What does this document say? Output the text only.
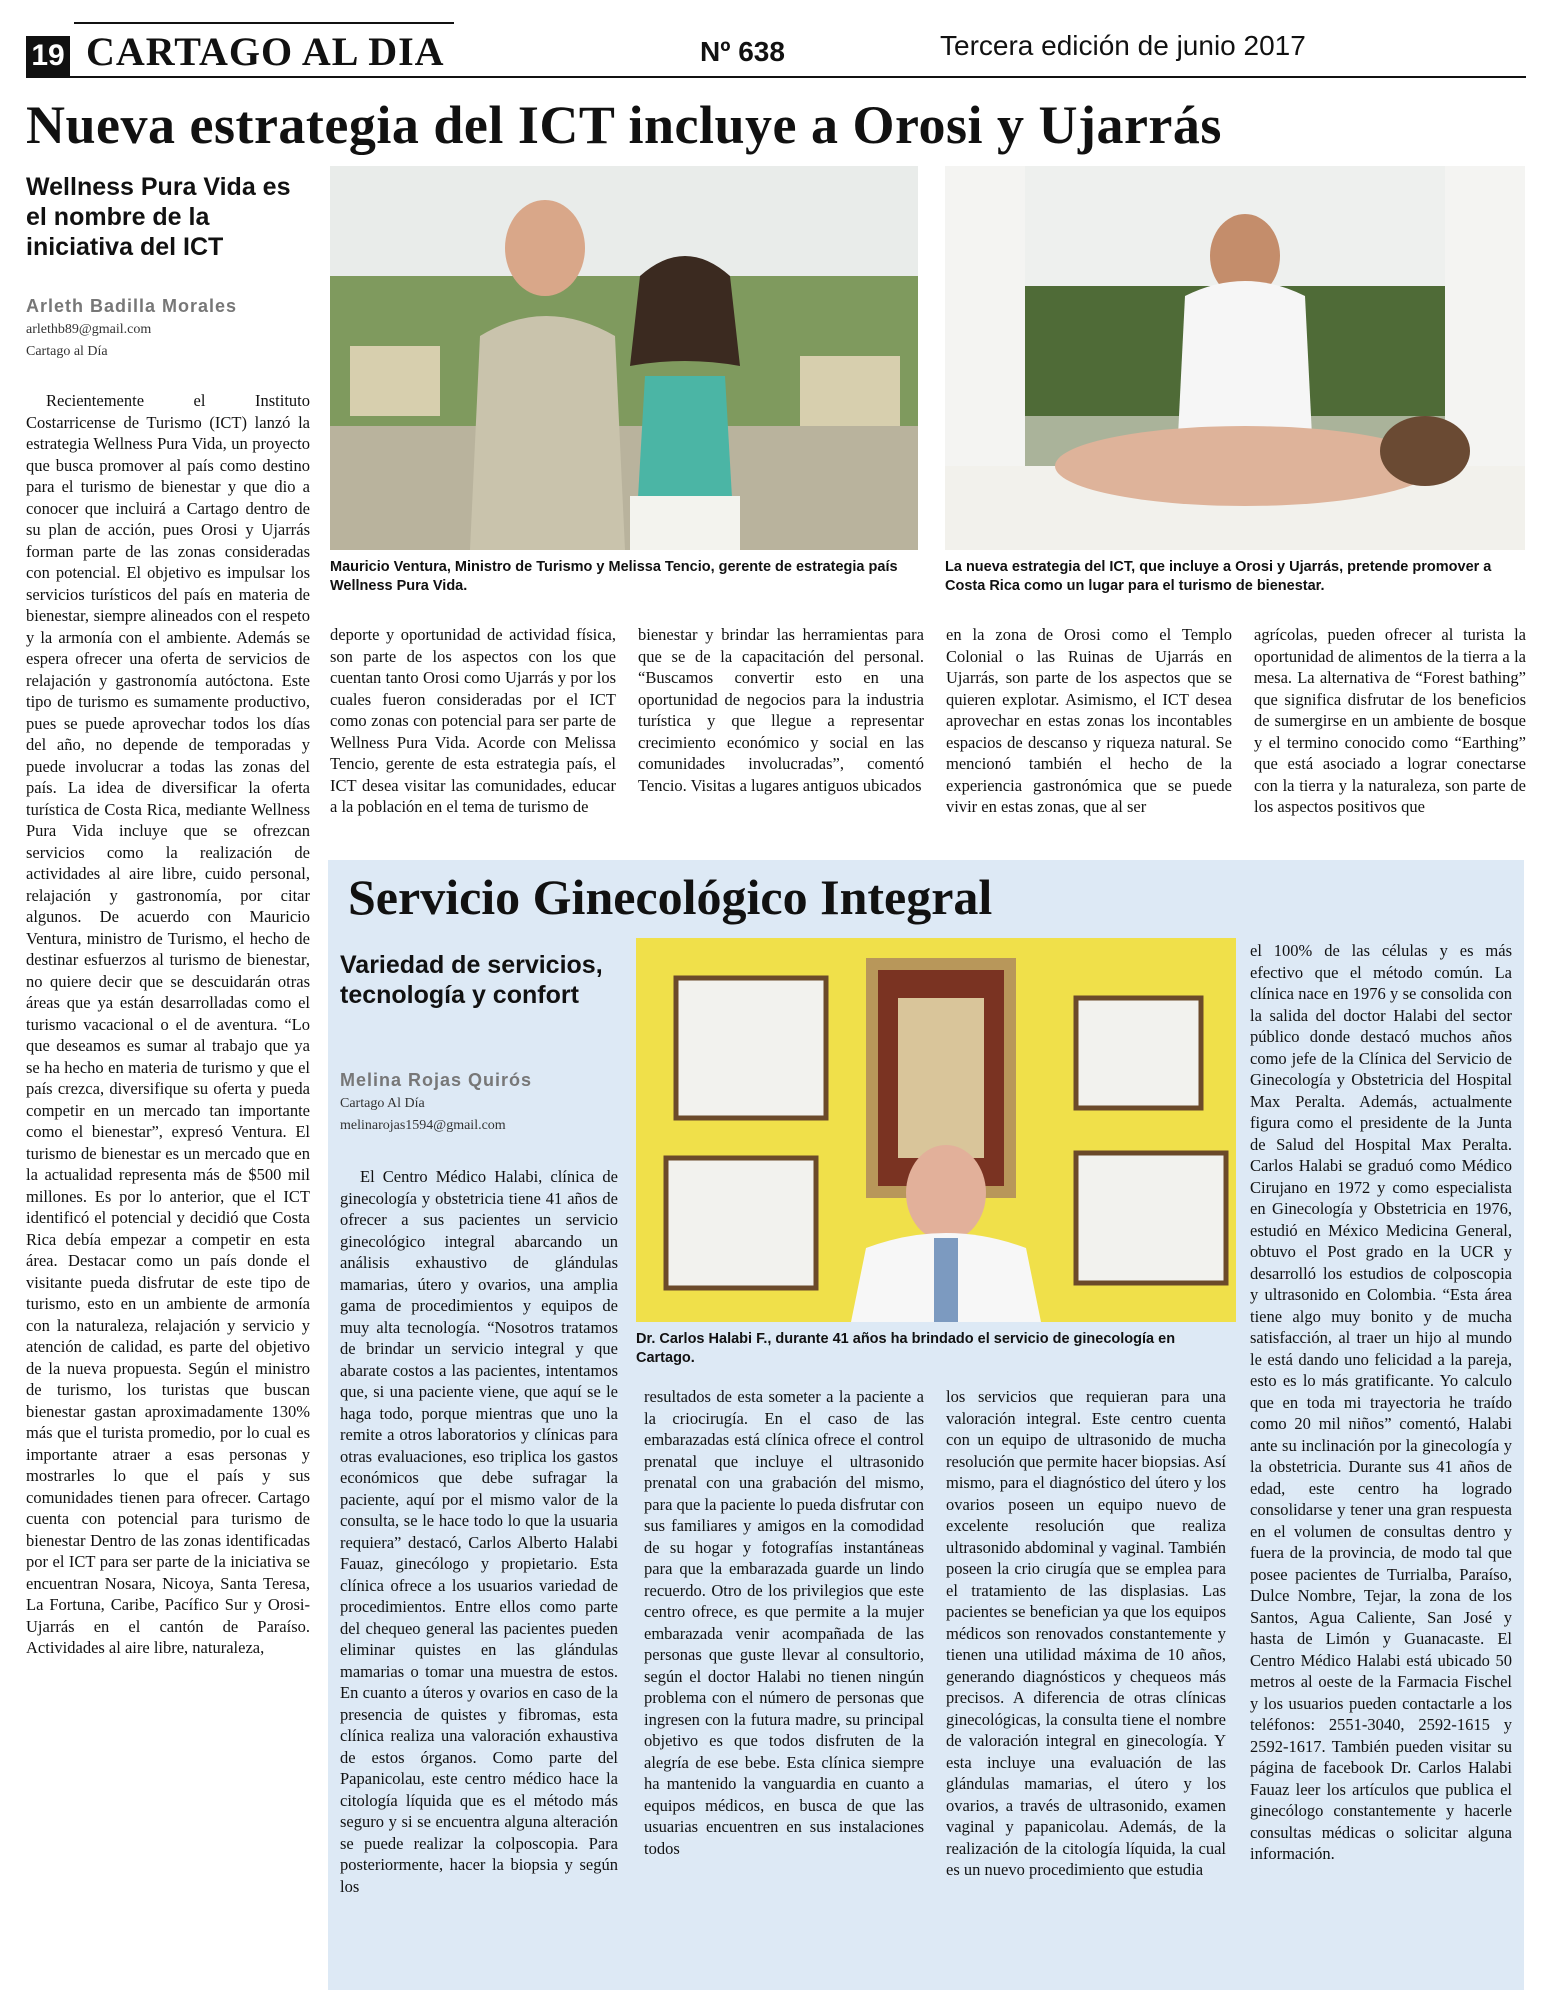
19 CARTAGO AL DIA	Nº 638	Tercera edición de junio 2017
Nueva estrategia del ICT incluye a Orosi y Ujarrás
Wellness Pura Vida es el nombre de la iniciativa del ICT
Arleth Badilla Morales
arlethb89@gmail.com
Cartago al Día
Mauricio Ventura, Ministro de Turismo y Melissa Tencio, gerente de estrategia país Wellness Pura Vida.
La nueva estrategia del ICT, que incluye a Orosi y Ujarrás, pretende promover a Costa Rica como un lugar para el turismo de bienestar.

Recientemente el Instituto Costarricense de Turismo (ICT) lanzó la estrategia Wellness Pura Vida, un proyecto que busca promover al país como destino para el turismo de bienestar y que dio a conocer que incluirá a Cartago dentro de su plan de acción, pues Orosi y Ujarrás forman parte de las zonas consideradas con potencial. El objetivo es impulsar los servicios turísticos del país en materia de bienestar, siempre alineados con el respeto y la armonía con el ambiente. Además se espera ofrecer una oferta de servicios de relajación y gastronomía autóctona. Este tipo de turismo es sumamente productivo, pues se puede aprovechar todos los días del año, no depende de temporadas y puede involucrar a todas las zonas del país. La idea de diversificar la oferta turística de Costa Rica, mediante Wellness Pura Vida incluye que se ofrezcan servicios como la realización de actividades al aire libre, cuido personal, relajación y gastronomía, por citar algunos. De acuerdo con Mauricio Ventura, ministro de Turismo, el hecho de destinar esfuerzos al turismo de bienestar, no quiere decir que se descuidarán otras áreas que ya están desarrolladas como el turismo vacacional o el de aventura. “Lo que deseamos es sumar al trabajo que ya se ha hecho en materia de turismo y que el país crezca, diversifique su oferta y pueda competir en un mercado tan importante como el bienestar”, expresó Ventura. El turismo de bienestar es un mercado que en la actualidad representa más de $500 mil millones. Es por lo anterior, que el ICT identificó el potencial y decidió que Costa Rica debía empezar a competir en esta área. Destacar como un país donde el visitante pueda disfrutar de este tipo de turismo, esto en un ambiente de armonía con la naturaleza, relajación y servicio y atención de calidad, es parte del objetivo de la nueva propuesta. Según el ministro de turismo, los turistas que buscan bienestar gastan aproximadamente 130% más que el turista promedio, por lo cual es importante atraer a esas personas y mostrarles lo que el país y sus comunidades tienen para ofrecer. Cartago cuenta con potencial para turismo de bienestar Dentro de las zonas identificadas por el ICT para ser parte de la iniciativa se encuentran Nosara, Nicoya, Santa Teresa, La Fortuna, Caribe, Pacífico Sur y Orosi-Ujarrás en el cantón de Paraíso. Actividades al aire libre, naturaleza,

deporte y oportunidad de actividad física, son parte de los aspectos con los que cuentan tanto Orosi como Ujarrás y por los cuales fueron consideradas por el ICT como zonas con potencial para ser parte de Wellness Pura Vida. Acorde con Melissa Tencio, gerente de esta estrategia país, el ICT desea visitar las comunidades, educar a la población en el tema de turismo de

bienestar y brindar las herramientas para que se de la capacitación del personal. “Buscamos convertir esto en una oportunidad de negocios para la industria turística y que llegue a representar crecimiento económico y social en las comunidades involucradas”, comentó Tencio. Visitas a lugares antiguos ubicados

en la zona de Orosi como el Templo Colonial o las Ruinas de Ujarrás en Ujarrás, son parte de los aspectos que se quieren explotar. Asimismo, el ICT desea aprovechar en estas zonas los incontables espacios de descanso y riqueza natural. Se mencionó también el hecho de la experiencia gastronómica que se puede vivir en estas zonas, que al ser

agrícolas, pueden ofrecer al turista la oportunidad de alimentos de la tierra a la mesa. La alternativa de “Forest bathing” que significa disfrutar de los beneficios de sumergirse en un ambiente de bosque y el termino conocido como “Earthing” que está asociado a lograr conectarse con la tierra y la naturaleza, son parte de los aspectos positivos que

Servicio Ginecológico Integral
Variedad de servicios, tecnología y confort
Melina Rojas Quirós
Cartago Al Día
melinarojas1594@gmail.com
Dr. Carlos Halabi F., durante 41 años ha brindado el servicio de ginecología en Cartago.

El Centro Médico Halabi, clínica de ginecología y obstetricia tiene 41 años de ofrecer a sus pacientes un servicio ginecológico integral abarcando un análisis exhaustivo de glándulas mamarias, útero y ovarios, una amplia gama de procedimientos y equipos de muy alta tecnología. “Nosotros tratamos de brindar un servicio integral y que abarate costos a las pacientes, intentamos que, si una paciente viene, que aquí se le haga todo, porque mientras que uno la remite a otros laboratorios y clínicas para otras evaluaciones, eso triplica los gastos económicos que debe sufragar la paciente, aquí por el mismo valor de la consulta, se le hace todo lo que la usuaria requiera” destacó, Carlos Alberto Halabi Fauaz, ginecólogo y propietario. Esta clínica ofrece a los usuarios variedad de procedimientos. Entre ellos como parte del chequeo general las pacientes pueden eliminar quistes en las glándulas mamarias o tomar una muestra de estos. En cuanto a úteros y ovarios en caso de la presencia de quistes y fibromas, esta clínica realiza una valoración exhaustiva de estos órganos. Como parte del Papanicolau, este centro médico hace la citología líquida que es el método más seguro y si se encuentra alguna alteración se puede realizar la colposcopia. Para posteriormente, hacer la biopsia y según los

resultados de esta someter a la paciente a la criocirugía. En el caso de las embarazadas está clínica ofrece el control prenatal que incluye el ultrasonido prenatal con una grabación del mismo, para que la paciente lo pueda disfrutar con sus familiares y amigos en la comodidad de su hogar y fotografías instantáneas para que la embarazada guarde un lindo recuerdo. Otro de los privilegios que este centro ofrece, es que permite a la mujer embarazada venir acompañada de las personas que guste llevar al consultorio, según el doctor Halabi no tienen ningún problema con el número de personas que ingresen con la futura madre, su principal objetivo es que todos disfruten de la alegría de ese bebe. Esta clínica siempre ha mantenido la vanguardia en cuanto a equipos médicos, en busca de que las usuarias encuentren en sus instalaciones todos

los servicios que requieran para una valoración integral. Este centro cuenta con un equipo de ultrasonido de mucha resolución que permite hacer biopsias. Así mismo, para el diagnóstico del útero y los ovarios poseen un equipo nuevo de excelente resolución que realiza ultrasonido abdominal y vaginal. También poseen la crio cirugía que se emplea para el tratamiento de las displasias. Las pacientes se benefician ya que los equipos médicos son renovados constantemente y tienen una utilidad máxima de 10 años, generando diagnósticos y chequeos más precisos. A diferencia de otras clínicas ginecológicas, la consulta tiene el nombre de valoración integral en ginecología. Y esta incluye una evaluación de las glándulas mamarias, el útero y los ovarios, a través de ultrasonido, examen vaginal y papanicolau. Además, de la realización de la citología líquida, la cual es un nuevo procedimiento que estudia

el 100% de las células y es más efectivo que el método común. La clínica nace en 1976 y se consolida con la salida del doctor Halabi del sector público donde destacó muchos años como jefe de la Clínica del Servicio de Ginecología y Obstetricia del Hospital Max Peralta. Además, actualmente figura como el presidente de la Junta de Salud del Hospital Max Peralta. Carlos Halabi se graduó como Médico Cirujano en 1972 y como especialista en Ginecología y Obstetricia en 1976, estudió en México Medicina General, obtuvo el Post grado en la UCR y desarrolló los estudios de colposcopia y ultrasonido en Colombia. “Esta área tiene algo muy bonito y de mucha satisfacción, al traer un hijo al mundo le está dando uno felicidad a la pareja, esto es lo más gratificante. Yo calculo que en toda mi trayectoria he traído como 20 mil niños” comentó, Halabi ante su inclinación por la ginecología y la obstetricia. Durante sus 41 años de edad, este centro ha logrado consolidarse y tener una gran respuesta en el volumen de consultas dentro y fuera de la provincia, de modo tal que posee pacientes de Turrialba, Paraíso, Dulce Nombre, Tejar, la zona de los Santos, Agua Caliente, San José y hasta de Limón y Guanacaste. El Centro Médico Halabi está ubicado 50 metros al oeste de la Farmacia Fischel y los usuarios pueden contactarle a los teléfonos: 2551-3040, 2592-1615 y 2592-1617. También pueden visitar su página de facebook Dr. Carlos Halabi Fauaz leer los artículos que publica el ginecólogo constantemente y hacerle consultas médicas o solicitar alguna información.
